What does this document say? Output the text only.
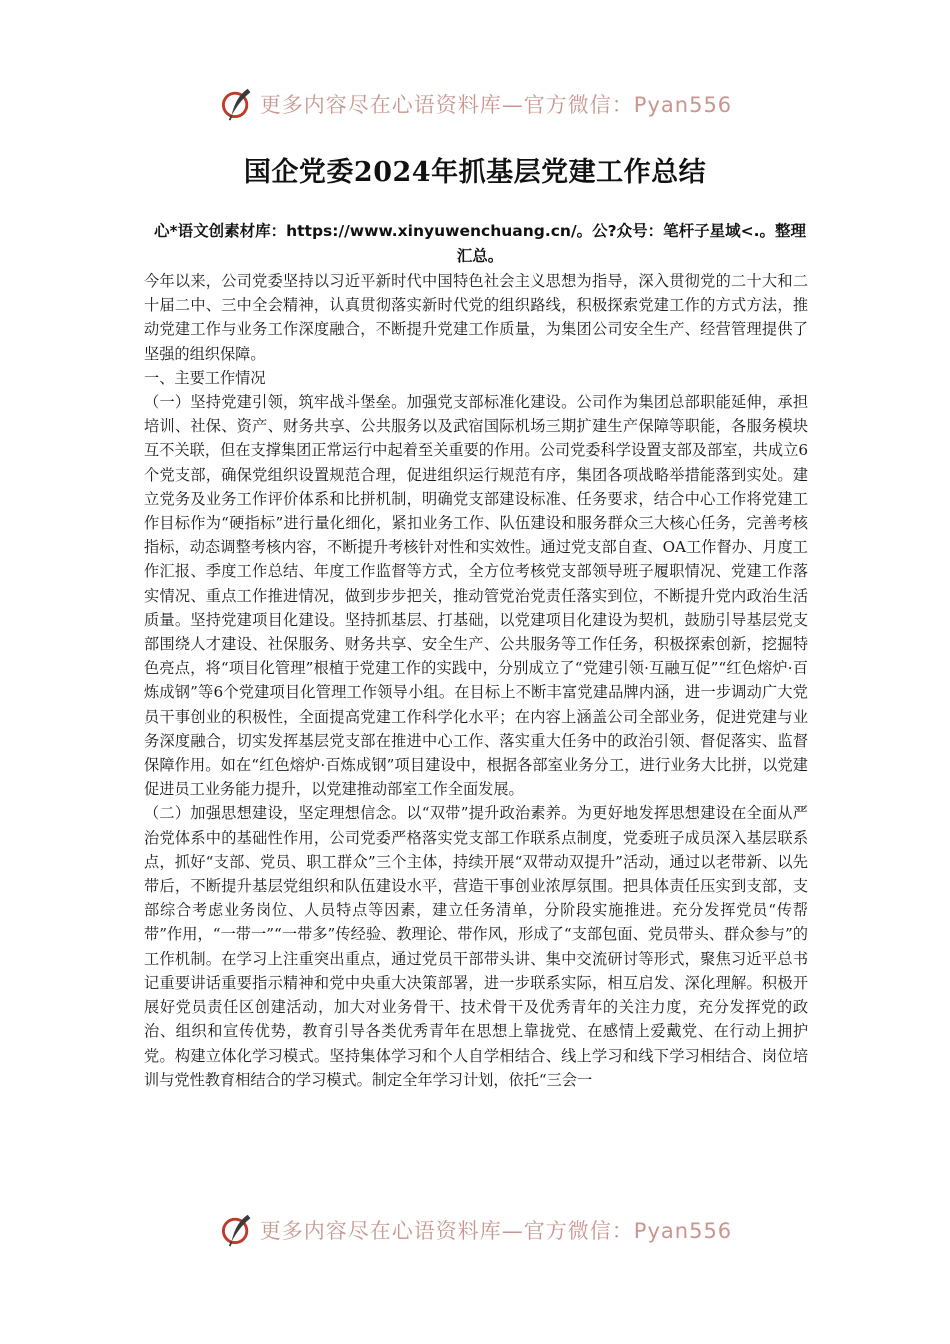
更多内容尽在心语资料库—官方微信：Pyan556
国企党委2024年抓基层党建工作总结

心*语文创素材库：https://www.xinyuwenchuang.cn/。公?众号：笔杆子星域<.。整理汇总。

今年以来，公司党委坚持以习近平新时代中国特色社会主义思想为指导，深入贯彻党的二十大和二十届二中、三中全会精神，认真贯彻落实新时代党的组织路线，积极探索党建工作的方式方法，推动党建工作与业务工作深度融合，不断提升党建工作质量，为集团公司安全生产、经营管理提供了坚强的组织保障。

一、主要工作情况

（一）坚持党建引领，筑牢战斗堡垒。加强党支部标准化建设。公司作为集团总部职能延伸，承担培训、社保、资产、财务共享、公共服务以及武宿国际机场三期扩建生产保障等职能，各服务模块互不关联，但在支撑集团正常运行中起着至关重要的作用。公司党委科学设置支部及部室，共成立6个党支部，确保党组织设置规范合理，促进组织运行规范有序，集团各项战略举措能落到实处。建立党务及业务工作评价体系和比拼机制，明确党支部建设标准、任务要求，结合中心工作将党建工作目标作为“硬指标”进行量化细化，紧扣业务工作、队伍建设和服务群众三大核心任务，完善考核指标，动态调整考核内容，不断提升考核针对性和实效性。通过党支部自查、OA工作督办、月度工作汇报、季度工作总结、年度工作监督等方式，全方位考核党支部领导班子履职情况、党建工作落实情况、重点工作推进情况，做到步步把关，推动管党治党责任落实到位，不断提升党内政治生活质量。坚持党建项目化建设。坚持抓基层、打基础，以党建项目化建设为契机，鼓励引导基层党支部围绕人才建设、社保服务、财务共享、安全生产、公共服务等工作任务，积极探索创新，挖掘特色亮点，将“项目化管理”根植于党建工作的实践中，分别成立了“党建引领·互融互促”“红色熔炉·百炼成钢”等6个党建项目化管理工作领导小组。在目标上不断丰富党建品牌内涵，进一步调动广大党员干事创业的积极性，全面提高党建工作科学化水平；在内容上涵盖公司全部业务，促进党建与业务深度融合，切实发挥基层党支部在推进中心工作、落实重大任务中的政治引领、督促落实、监督保障作用。如在“红色熔炉·百炼成钢”项目建设中，根据各部室业务分工，进行业务大比拼，以党建促进员工业务能力提升，以党建推动部室工作全面发展。

（二）加强思想建设，坚定理想信念。以“双带”提升政治素养。为更好地发挥思想建设在全面从严治党体系中的基础性作用，公司党委严格落实党支部工作联系点制度，党委班子成员深入基层联系点，抓好“支部、党员、职工群众”三个主体，持续开展“双带动双提升”活动，通过以老带新、以先带后，不断提升基层党组织和队伍建设水平，营造干事创业浓厚氛围。把具体责任压实到支部，支部综合考虑业务岗位、人员特点等因素，建立任务清单，分阶段实施推进。充分发挥党员“传帮带”作用，“一带一”“一带多”传经验、教理论、带作风，形成了“支部包面、党员带头、群众参与”的工作机制。在学习上注重突出重点，通过党员干部带头讲、集中交流研讨等形式，聚焦习近平总书记重要讲话重要指示精神和党中央重大决策部署，进一步联系实际，相互启发、深化理解。积极开展好党员责任区创建活动，加大对业务骨干、技术骨干及优秀青年的关注力度，充分发挥党的政治、组织和宣传优势，教育引导各类优秀青年在思想上靠拢党、在感情上爱戴党、在行动上拥护党。构建立体化学习模式。坚持集体学习和个人自学相结合、线上学习和线下学习相结合、岗位培训与党性教育相结合的学习模式。制定全年学习计划，依托“三会一

更多内容尽在心语资料库—官方微信：Pyan556
